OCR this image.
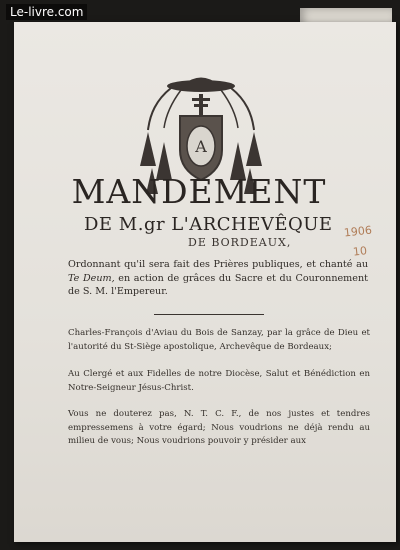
Le-livre.com
A
MANDEMENT
DE M.gr L'ARCHEVÊQUE
DE BORDEAUX,
Ordonnant qu'il sera fait des Prières publiques, et chanté au Te Deum, en action de grâces du Sacre et du Couronnement de S. M. l'Empereur.
Charles-François d'Aviau du Bois de Sanzay, par la grâce de Dieu et l'autorité du St-Siège apostolique, Archevêque de Bordeaux;
Au Clergé et aux Fidelles de notre Diocèse, Salut et Bénédiction en Notre-Seigneur Jésus-Christ.
Vous ne douterez pas, N. T. C. F., de nos justes et tendres empressemens à votre égard; Nous voudrions ne déjà rendu au milieu de vous; Nous voudrions pouvoir y présider aux
1906
10
